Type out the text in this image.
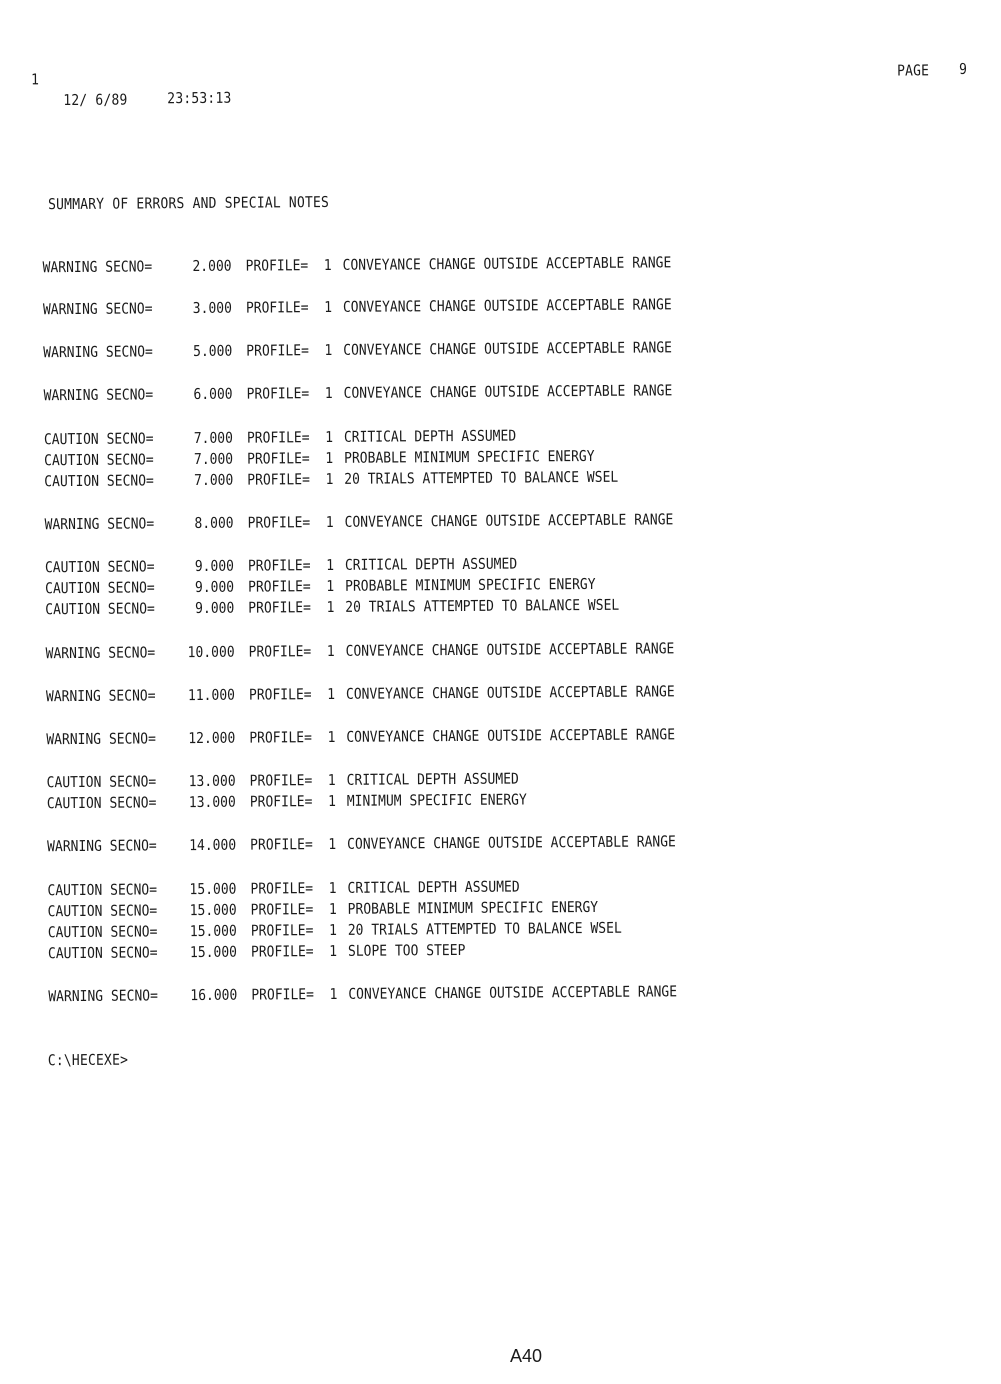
1
PAGE 9
12/ 6/89	23:53:13
SUMMARY OF ERRORS AND SPECIAL NOTES
WARNING SECNO=	2.000 PROFILE=  1 CONVEYANCE CHANGE OUTSIDE ACCEPTABLE RANGE
WARNING SECNO=	3.000 PROFILE=  1 CONVEYANCE CHANGE OUTSIDE ACCEPTABLE RANGE
WARNING SECNO=	5.000 PROFILE=  1 CONVEYANCE CHANGE OUTSIDE ACCEPTABLE RANGE
WARNING SECNO=	6.000 PROFILE=  1 CONVEYANCE CHANGE OUTSIDE ACCEPTABLE RANGE
CAUTION SECNO=	7.000 PROFILE=  1 CRITICAL DEPTH ASSUMED
CAUTION SECNO=	7.000 PROFILE=  1 PROBABLE MINIMUM SPECIFIC ENERGY
CAUTION SECNO=	7.000 PROFILE=  1 20 TRIALS ATTEMPTED TO BALANCE WSEL
WARNING SECNO=	8.000 PROFILE=  1 CONVEYANCE CHANGE OUTSIDE ACCEPTABLE RANGE
CAUTION SECNO=	9.000 PROFILE=  1 CRITICAL DEPTH ASSUMED
CAUTION SECNO=	9.000 PROFILE=  1 PROBABLE MINIMUM SPECIFIC ENERGY
CAUTION SECNO=	9.000 PROFILE=  1 20 TRIALS ATTEMPTED TO BALANCE WSEL
WARNING SECNO=	10.000 PROFILE=  1 CONVEYANCE CHANGE OUTSIDE ACCEPTABLE RANGE
WARNING SECNO=	11.000 PROFILE=  1 CONVEYANCE CHANGE OUTSIDE ACCEPTABLE RANGE
WARNING SECNO=	12.000 PROFILE=  1 CONVEYANCE CHANGE OUTSIDE ACCEPTABLE RANGE
CAUTION SECNO=	13.000 PROFILE=  1 CRITICAL DEPTH ASSUMED
CAUTION SECNO=	13.000 PROFILE=  1 MINIMUM SPECIFIC ENERGY
WARNING SECNO=	14.000 PROFILE=  1 CONVEYANCE CHANGE OUTSIDE ACCEPTABLE RANGE
CAUTION SECNO=	15.000 PROFILE=  1 CRITICAL DEPTH ASSUMED
CAUTION SECNO=	15.000 PROFILE=  1 PROBABLE MINIMUM SPECIFIC ENERGY
CAUTION SECNO=	15.000 PROFILE=  1 20 TRIALS ATTEMPTED TO BALANCE WSEL
CAUTION SECNO=	15.000 PROFILE=  1 SLOPE TOO STEEP
WARNING SECNO=	16.000 PROFILE=  1 CONVEYANCE CHANGE OUTSIDE ACCEPTABLE RANGE
C:\HECEXE>
A40
